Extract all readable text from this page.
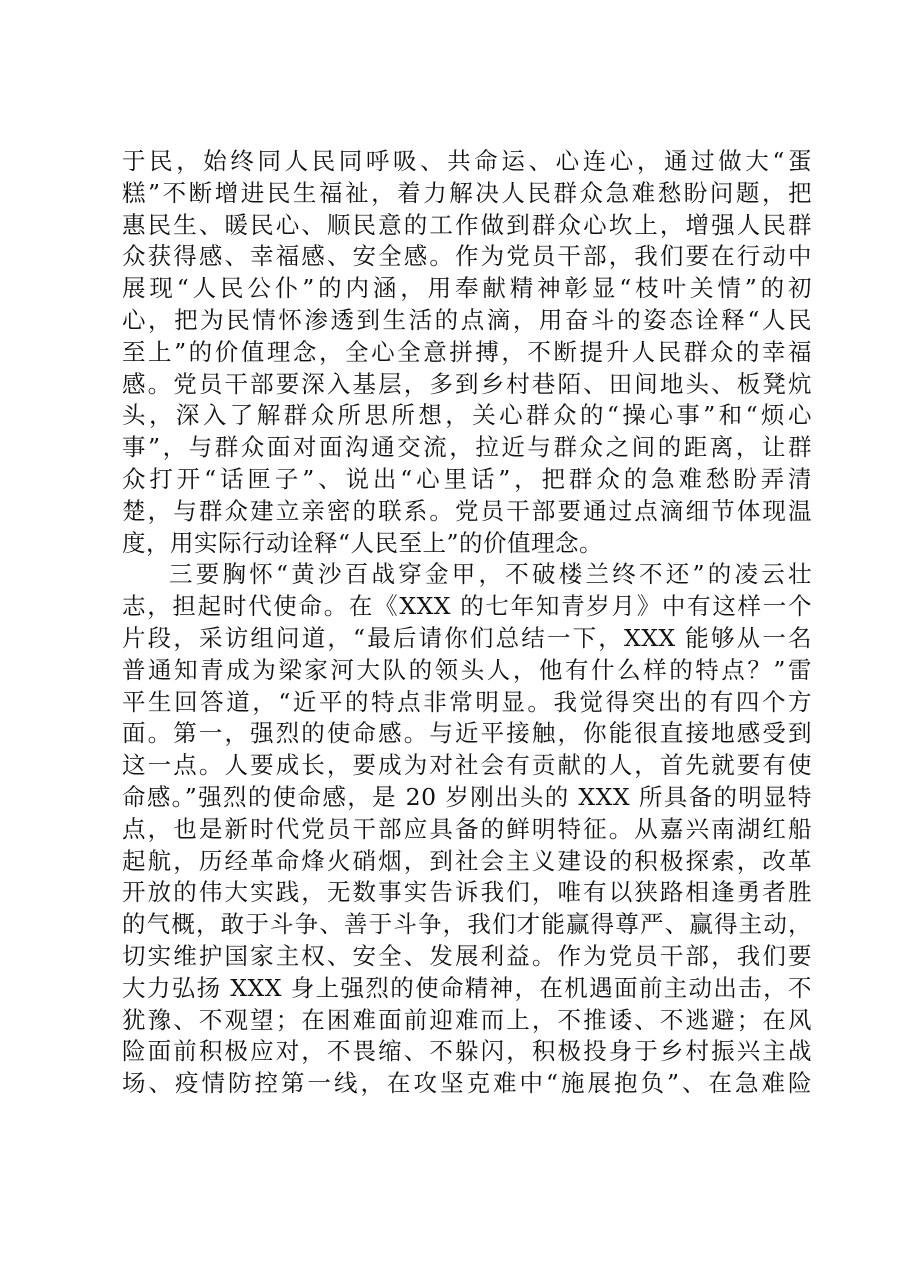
于民，始终同人民同呼吸、共命运、心连心，通过做大“蛋
糕”不断增进民生福祉，着力解决人民群众急难愁盼问题，把
惠民生、暖民心、顺民意的工作做到群众心坎上，增强人民群
众获得感、幸福感、安全感。作为党员干部，我们要在行动中
展现“人民公仆”的内涵，用奉献精神彰显“枝叶关情”的初
心，把为民情怀渗透到生活的点滴，用奋斗的姿态诠释“人民
至上”的价值理念，全心全意拼搏，不断提升人民群众的幸福
感。党员干部要深入基层，多到乡村巷陌、田间地头、板凳炕
头，深入了解群众所思所想，关心群众的“操心事”和“烦心
事”，与群众面对面沟通交流，拉近与群众之间的距离，让群
众打开“话匣子”、说出“心里话”，把群众的急难愁盼弄清
楚，与群众建立亲密的联系。党员干部要通过点滴细节体现温
度，用实际行动诠释“人民至上”的价值理念。
三要胸怀“黄沙百战穿金甲，不破楼兰终不还”的凌云壮
志，担起时代使命。在《XXX 的七年知青岁月》中有这样一个
片段，采访组问道，“最后请你们总结一下，XXX 能够从一名
普通知青成为梁家河大队的领头人，他有什么样的特点？”雷
平生回答道，“近平的特点非常明显。我觉得突出的有四个方
面。第一，强烈的使命感。与近平接触，你能很直接地感受到
这一点。人要成长，要成为对社会有贡献的人，首先就要有使
命感。”强烈的使命感，是 20 岁刚出头的 XXX 所具备的明显特
点，也是新时代党员干部应具备的鲜明特征。从嘉兴南湖红船
起航，历经革命烽火硝烟，到社会主义建设的积极探索，改革
开放的伟大实践，无数事实告诉我们，唯有以狭路相逢勇者胜
的气概，敢于斗争、善于斗争，我们才能赢得尊严、赢得主动，
切实维护国家主权、安全、发展利益。作为党员干部，我们要
大力弘扬 XXX 身上强烈的使命精神，在机遇面前主动出击，不
犹豫、不观望；在困难面前迎难而上，不推诿、不逃避；在风
险面前积极应对，不畏缩、不躲闪，积极投身于乡村振兴主战
场、疫情防控第一线，在攻坚克难中“施展抱负”、在急难险
